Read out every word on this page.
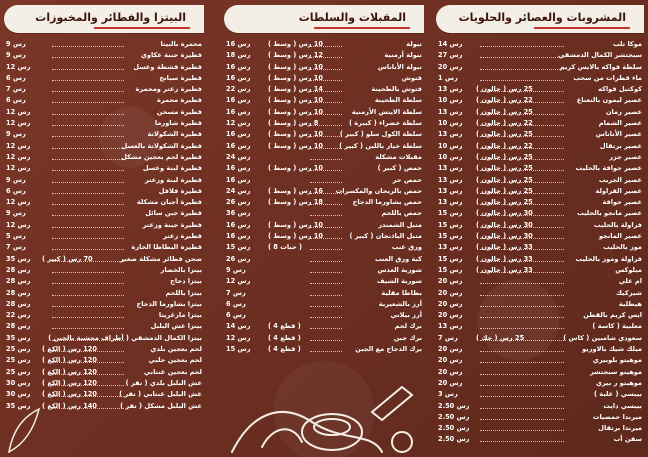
البيتزا والفطائر والمخبوزات
محمرة بالبيتا
9 رس
فطيرة جبنة عكاوي
9 رس
فطيرة قشطة وعسل
12 رس
فطيرة سبانخ
6 رس
فطيرة زعتر ومحمرة
7 رس
فطيرة محمرة
6 رس
فطيرة مسخن
12 رس
فطيرة شاورما
12 رس
فطيرة الشكولاتة
9 رس
فطيرة الشكولاتة بالعسل
12 رس
فطيرة لحم بعجين مشكل
12 رس
فطيرة لبنة وعسل
12 رس
فطيرة لبنة وزعتر
9 رس
فطيرة فلافل
6 رس
فطيرة أجبان مشكلة
12 رس
فطيرة جبن سائل
9 رس
فطيرة جبنة وزعتر
12 رس
فطيرة زعتر
5 رس
فطيرة البطاطا الحارة
7 رس
صحن فطائر مشكلة صغير
( كبير ) 70 رس
35 رس
بيتزا بالخضار
28 رس
بيتزا دجاج
28 رس
بيتزا باللحم
28 رس
بيتزا بشاورما الدجاج
28 رس
بيتزا مارغريتا
22 رس
بيتزا عش البلبل
28 رس
بيتزا الكمال الدمشقي ( أطراف محشية بالجبن )
35 رس
لحم بعجين بلدي
( الكغ ) 120 رس
25 رس
لحم بعجين حلبي
( الكغ ) 120 رس
25 رس
لحم بعجين عنتابي
( الكغ ) 120 رس
25 رس
عش البلبل بلدي ( نفر )
( الكغ ) 120 رس
30 رس
عش البلبل عنتابي ( نفر )
( الكغ ) 120 رس
30 رس
عش البلبل مشكل ( نفر )
( الكغ ) 140 رس
35 رس
المقبلات والسلطات
تبولة
( وسط ) 10 رس
16 رس
تبولة أرمنية
( وسط ) 12 رس
18 رس
تبولة الأناناس
( وسط ) 10 رس
16 رس
فتوش
( وسط ) 10 رس
16 رس
فتوش بالطحينة
( وسط ) 14 رس
22 رس
سلطة الطحينة
( وسط ) 10 رس
16 رس
سلطة الايتش الأرمنية
( وسط ) 10 رس
16 رس
سلطة خضراء ( كبيرة )
( وسط ) 8 رس
12 رس
سلطة الكول سلو ( كبير )
( وسط ) 10 رس
16 رس
سلطة خيار باللبن ( كبير )
( وسط ) 10 رس
16 رس
مقبلات مشكلة
24 رس
حمص ( كبير )
( وسط ) 10 رس
16 رس
حمص حر
16 رس
حمص بالريحان والمكسرات
( وسط ) 16 رس
24 رس
حمص بشاورما الدجاج
( وسط ) 18 رس
26 رس
حمص باللحم
36 رس
متبل الشمندر
( وسط ) 10 رس
16 رس
متبل الباذنجان ( كبير )
( وسط ) 10 رس
16 رس
ورق عنب
( 8 حبات )
15 رس
كبة ورق العنب
26 رس
شوربة العدس
9 رس
شوربة الشيف
12 رس
بطاطا مقلية
7 رس
أرز بالشعيرية
6 رس
أرز بيلاني
6 رس
برك لحم
( 4 قطع )
14 رس
برك جبن
( 4 قطع )
12 رس
برك الدجاج مع الجبن
( 4 قطع )
15 رس
المشروبات والعصائر والحلويات
موكا تلب
14 رس
سبجتشر الكمال الدمشقي
27 رس
سلطة فواكه بالايس كريم
20 رس
ماء قطرات من سحب
1 رس
كوكتيل فواكه
( جالون ) 25 رس
13 رس
عصير ليمون بالنعناع
( جالون ) 22 رس
10 رس
عصير رمان
( جالون ) 25 رس
13 رس
عصير الشمام
( جالون ) 22 رس
10 رس
عصير الأناناس
( جالون ) 25 رس
13 رس
عصير برتقال
( جالون ) 22 رس
10 رس
عصير جزر
( جالون ) 25 رس
10 رس
عصير جوافة بالحليب
( جالون ) 25 رس
13 رس
عصير الجريب
( جالون ) 25 رس
13 رس
عصير الفراولة
( جالون ) 25 رس
13 رس
عصير جوافة
( جالون ) 25 رس
13 رس
عصير مانجو بالحليب
( جالون ) 30 رس
15 رس
فراولة بالحليب
( جالون ) 30 رس
15 رس
عصير المانجو
( جالون ) 30 رس
15 رس
موز بالحليب
( جالون ) 33 رس
13 رس
فراولة وموز بالحليب
( جالون ) 33 رس
15 رس
ميلوكس
( جالون ) 33 رس
15 رس
ام علي
20 رس
شيزكيك
20 رس
هيطلية
20 رس
ايس كريم بالقطن
20 رس
معلبية ( كاسة )
13 رس
سعودي شامبين ( كاس )
( جك ) 25 رس
7 رس
ميلك شيك بالاوريو
20 رس
موهيتو بلوبيري
20 رس
موهيتو سبجتشر
20 رس
موهيتو ر بيري
20 رس
بيبسي ( علبة )
3 رس
بيبسي دايت
2.50 رس
ميرندا حمضيات
2.50 رس
ميرندا برتقال
2.50 رس
سفن أب
2.50 رس
